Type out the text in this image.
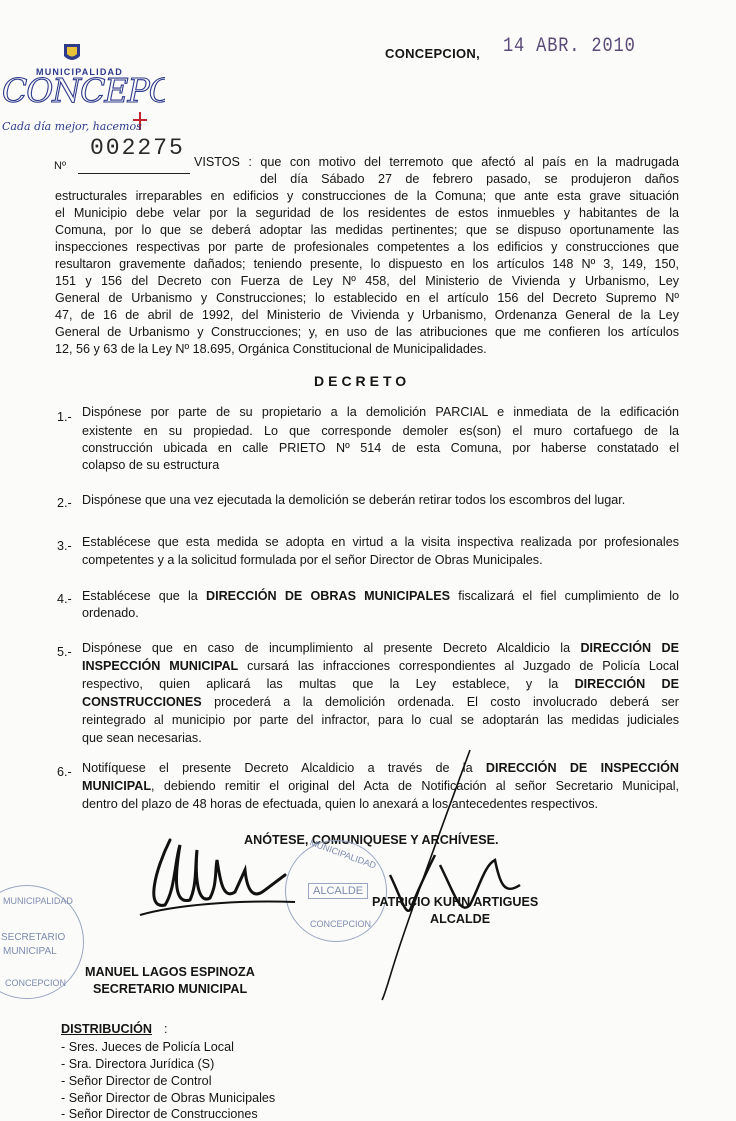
CONCEPCION, 14 ABR. 2010
CONCEP
MUNICIPALIDAD
Cada día mejor, hacemos
Nº
002275
VISTOS : que con motivo del terremoto que afectó al país en la madrugada
del día Sábado 27 de febrero pasado, se produjeron daños
estructurales irreparables en edificios y construcciones de la Comuna; que ante esta grave situación
el Municipio debe velar por la seguridad de los residentes de estos inmuebles y habitantes de la
Comuna, por lo que se deberá adoptar las medidas pertinentes; que se dispuso oportunamente las
inspecciones respectivas por parte de profesionales competentes a los edificios y construcciones que
resultaron gravemente dañados; teniendo presente, lo dispuesto en los artículos 148 Nº 3, 149, 150,
151 y 156 del Decreto con Fuerza de Ley Nº 458, del Ministerio de Vivienda y Urbanismo, Ley
General de Urbanismo y Construcciones; lo establecido en el artículo 156 del Decreto Supremo Nº
47, de 16 de abril de 1992, del Ministerio de Vivienda y Urbanismo, Ordenanza General de la Ley
General de Urbanismo y Construcciones; y, en uso de las atribuciones que me confieren los artículos
12, 56 y 63 de la Ley Nº 18.695, Orgánica Constitucional de Municipalidades.
DECRETO
1.- Dispónese por parte de su propietario a la demolición PARCIAL e inmediata de la edificación
existente en su propiedad. Lo que corresponde demoler es(son) el muro cortafuego de la
construcción ubicada en calle PRIETO Nº 514 de esta Comuna, por haberse constatado el
colapso de su estructura
2.- Dispónese que una vez ejecutada la demolición se deberán retirar todos los escombros del lugar.
3.- Establécese que esta medida se adopta en virtud a la visita inspectiva realizada por profesionales
competentes y a la solicitud formulada por el señor Director de Obras Municipales.
4.- Establécese que la DIRECCIÓN DE OBRAS MUNICIPALES fiscalizará el fiel cumplimiento de lo
ordenado.
5.- Dispónese que en caso de incumplimiento al presente Decreto Alcaldicio la DIRECCIÓN DE
INSPECCIÓN MUNICIPAL cursará las infracciones correspondientes al Juzgado de Policía Local
respectivo, quien aplicará las multas que la Ley establece, y la DIRECCIÓN DE
CONSTRUCCIONES procederá a la demolición ordenada. El costo involucrado deberá ser
reintegrado al municipio por parte del infractor, para lo cual se adoptarán las medidas judiciales
que sean necesarias.
6.- Notifíquese el presente Decreto Alcaldicio a través de la DIRECCIÓN DE INSPECCIÓN
MUNICIPAL, debiendo remitir el original del Acta de Notificación al señor Secretario Municipal,
dentro del plazo de 48 horas de efectuada, quien lo anexará a los antecedentes respectivos.
ANÓTESE, COMUNIQUESE Y ARCHÍVESE.
MUNICIPALIDAD
ALCALDE
CONCEPCION
MUNICIPALIDAD
SECRETARIO
MUNICIPAL
CONCEPCION
PATRICIO KUHN ARTIGUES
ALCALDE
MANUEL LAGOS ESPINOZA
SECRETARIO MUNICIPAL
DISTRIBUCIÓN :
- Sres. Jueces de Policía Local
- Sra. Directora Jurídica (S)
- Señor Director de Control
- Señor Director de Obras Municipales
- Señor Director de Construcciones
